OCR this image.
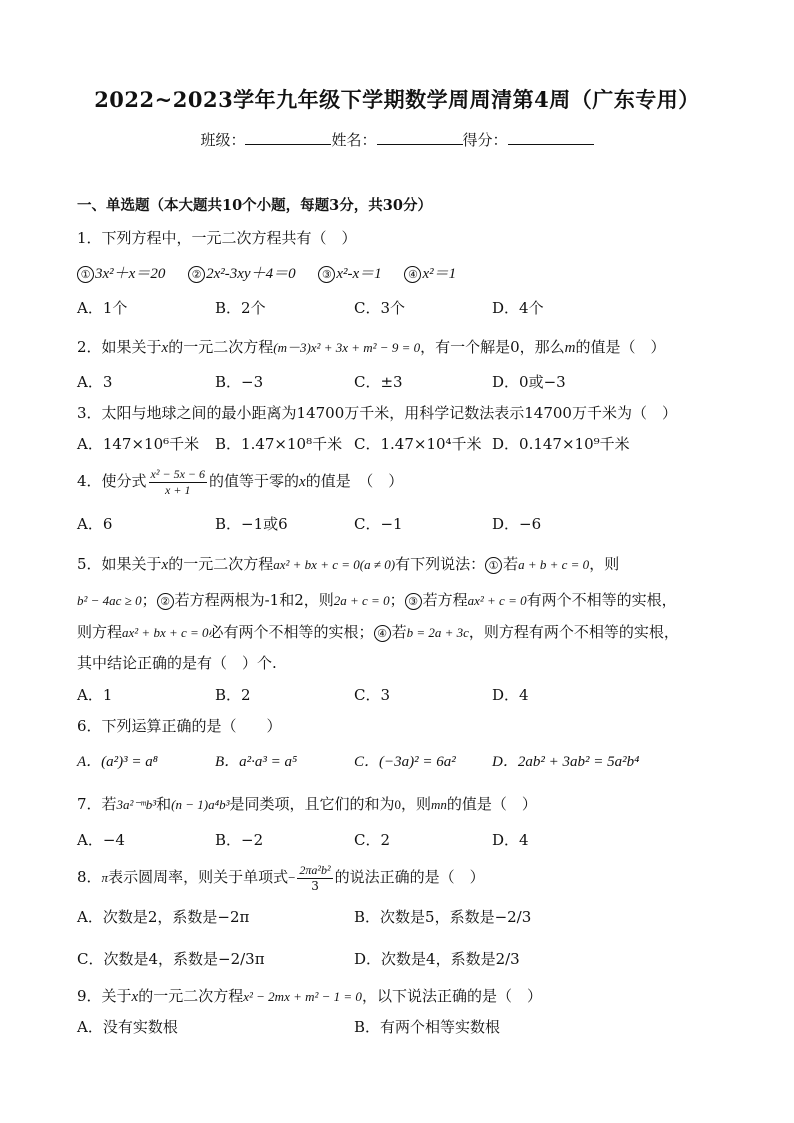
2022~2023学年九年级下学期数学周周清第4周（广东专用）
班级：	姓名：	得分：
一、单选题（本大题共10个小题，每题3分，共30分）
1．下列方程中，一元二次方程共有（　）
① 3x²＋x＝20 ② 2x²-3xy＋4＝0 ③ x²-x＝1 ④ x²＝1
A．1个	B．2个	C．3个	D．4个
2．如果关于x的一元二次方程(m－3)x² + 3x + m² − 9 = 0，有一个解是0，那么m的值是（　）
A．3	B．−3	C．±3	D．0或−3
3．太阳与地球之间的最小距离为14700万千米，用科学记数法表示14700万千米为（　）
A．147×10⁶千米 B．1.47×10⁸千米 C．1.47×10⁴千米 D．0.147×10⁹千米
4．使分式 $\frac{\text{x² − 5x − 6}}{x + 1}$ 的值等于零的x的值是　（　）
A．6	B．−1或6	C．−1	D．−6
5．如果关于x的一元二次方程ax² + bx + c = 0(a ≠ 0)有下列说法： ① 若a + b + c = 0，则
b² − 4ac ≥ 0； ② 若方程两根为-1和2，则2a + c = 0； ③ 若方程ax² + c = 0有两个不相等的实根，
则方程ax² + bx + c = 0必有两个不相等的实根； ④ 若b = 2a + 3c，则方程有两个不相等的实根，
其中结论正确的是有（　）个.
A．1	B．2	C．3	D．4
6．下列运算正确的是（　　）
A．(a²)³ = a⁸	B．a²·a³ = a⁵	C．(−3a)² = 6a² D．2ab² + 3ab² = 5a²b⁴
7．若3a²⁻ᵐb³和(n − 1)a⁴b³是同类项，且它们的和为0，则mn的值是（　）
A．−4	B．−2	C．2	D．4
8．π表示圆周率，则关于单项式− $\frac{\text{2πa²b²}}{3}$ 的说法正确的是（　）
A．次数是2，系数是−2π	B．次数是5，系数是−2/3
C．次数是4，系数是−2/3π	D．次数是4，系数是2/3
9．关于x的一元二次方程x² − 2mx + m² − 1 = 0，以下说法正确的是（　）
A．没有实数根	B．有两个相等实数根
